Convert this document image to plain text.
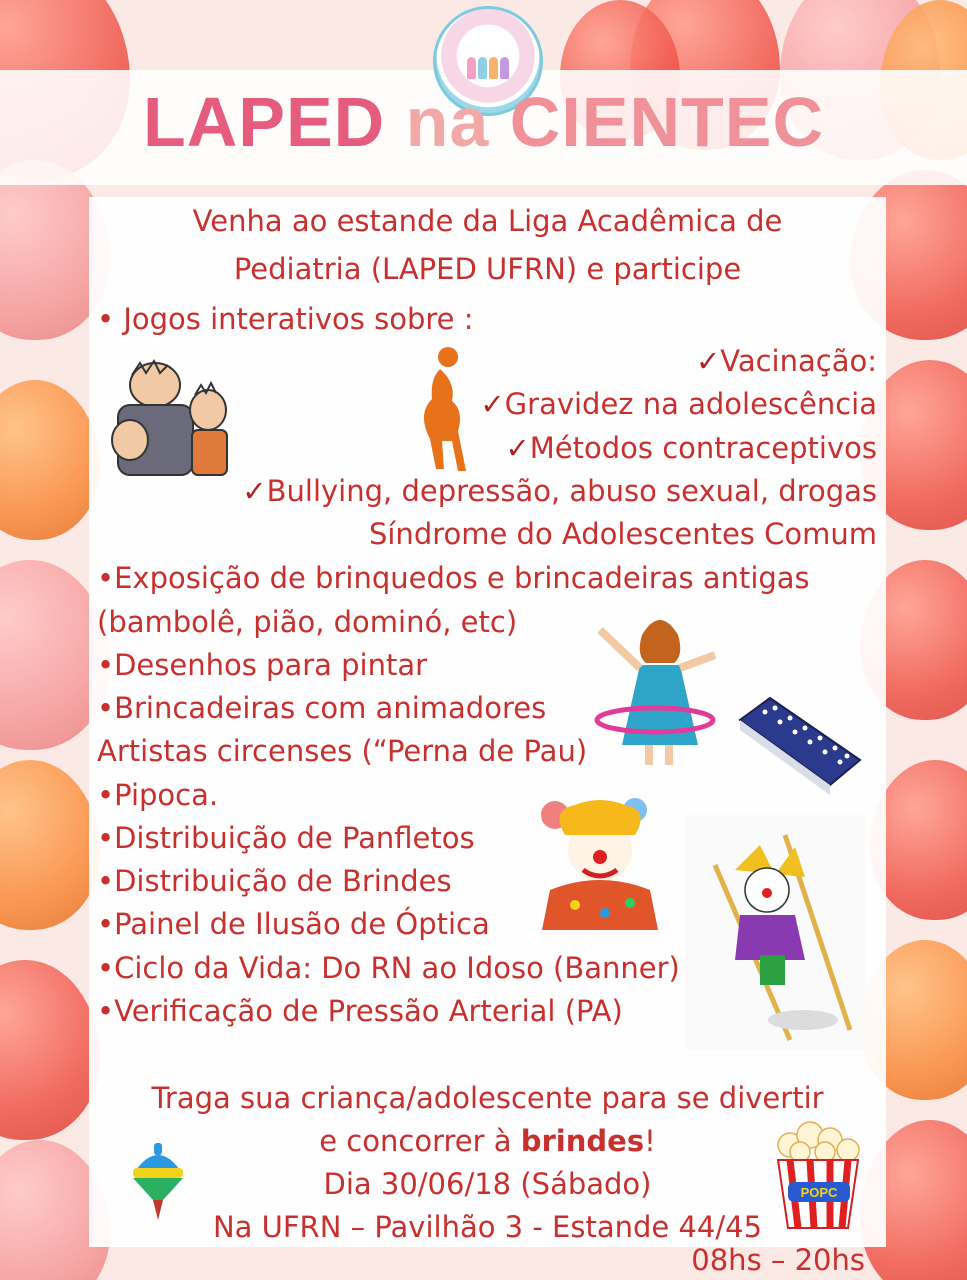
LAPED na CIENTEC
Venha ao estande da Liga Acadêmica de
Pediatria (LAPED UFRN) e participe
• Jogos interativos sobre :
✓Vacinação:
✓Gravidez na adolescência
✓Métodos contraceptivos
✓Bullying, depressão, abuso sexual, drogas
Síndrome do Adolescentes Comum
•Exposição de brinquedos e brincadeiras antigas
(bambolê, pião, dominó, etc)
•Desenhos para pintar
•Brincadeiras com animadores
Artistas circenses (“Perna de Pau)
•Pipoca.
•Distribuição de Panfletos
•Distribuição de Brindes
•Painel de Ilusão de Óptica
•Ciclo da Vida: Do RN ao Idoso (Banner)
•Verificação de Pressão Arterial (PA)
Traga sua criança/adolescente para se divertir
e concorrer à brindes!
Dia 30/06/18 (Sábado)
Na UFRN – Pavilhão 3 - Estande 44/45
08hs – 20hs
POPC
